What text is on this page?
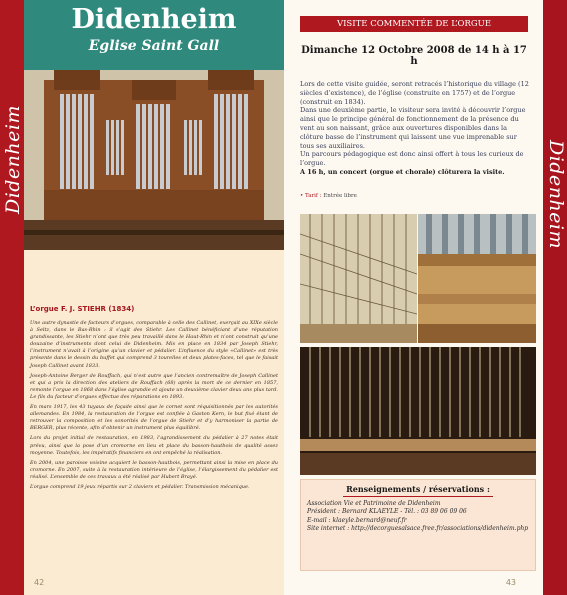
Didenheim
Didenheim
Eglise Saint Gall
L’orgue F. J. STIEHR (1834)

Une autre dynastie de facteurs d’orgues, comparable à celle des Callinet, exerçait au XIXe siècle à Seltz, dans le Bas-Rhin : il s’agit des Stiehr. Les Callinet bénéficiant d’une réputation grandissante, les Stiehr n’ont que très peu travaillé dans le Haut-Rhin et n’ont construit qu’une douzaine d’instruments dont celui de Didenheim. Mis en place en 1834 par Joseph Stiehr, l’instrument n’avait à l’origine qu’un clavier et pédalier. L’influence du style «Callinet» est très présente dans le dessin du buffet qui comprend 3 tourelles et deux plates-faces, tel que le faisait Joseph Callinet avant 1833.

Joseph-Antoine Berger de Rouffach, qui n’est autre que l’ancien contremaître de Joseph Callinet et qui a pris la direction des ateliers de Rouffach (68) après la mort de ce dernier en 1857, remonte l’orgue en 1868 dans l’église agrandie et ajoute un deuxième clavier deux ans plus tard. Le fils du facteur d’orgues effectue des réparations en 1893.

En mars 1917, les 43 tuyaux de façade ainsi que le cornet sont réquisitionnés par les autorités allemandes. En 1984, la restauration de l’orgue est confiée à Gaston Kern, le but fixé étant de retrouver la composition et les sonorités de l’orgue de Stiehr et d’y harmoniser la partie de BERGER, plus récente, afin d’obtenir un instrument plus équilibré.

Lors du projet initial de restauration, en 1983, l’agrandissement du pédalier à 27 notes était prévu, ainsi que la pose d’un cromorne en lieu et place du basson-hautbois de qualité assez moyenne. Toutefois, les impératifs financiers en ont empêché la réalisation.

En 2004, une paroisse voisine acquiert le basson-hautbois, permettant ainsi la mise en place du cromorne. En 2007, suite à la restauration intérieure de l’église, l’élargissement du pédalier est réalisé. L’ensemble de ces travaux a été réalisé par Hubert Brayé.

L’orgue comprend 19 jeux répartis sur 2 claviers et pédalier. Transmission mécanique.

42
VISITE COMMENTÉE DE L’ORGUE
Dimanche 12 Octobre 2008 de 14 h à 17 h

Lors de cette visite guidée, seront retracés l’historique du village (12 siècles d’existence), de l’église (construite en 1757) et de l’orgue (construit en 1834).

Dans une deuxième partie, le visiteur sera invité à découvrir l’orgue ainsi que le principe général de fonctionnement de la présence du vent au son naissant, grâce aux ouvertures disponibles dans la clôture basse de l’instrument qui laissent une vue imprenable sur tous ses auxiliaires.

Un parcours pédagogique est donc ainsi offert à tous les curieux de l’orgue.

A 16 h, un concert (orgue et chorale) clôturera la visite.

• Tarif : Entrée libre
Renseignements / réservations :
Association Vie et Patrimoine de Didenheim
Président : Bernard KLAEYLE - Tél. : 03 89 06 09 06
E-mail : klaeyle.bernard@neuf.fr
Site internet : http://decorguesalsace.free.fr/associations/didenheim.php
43
Didenheim
